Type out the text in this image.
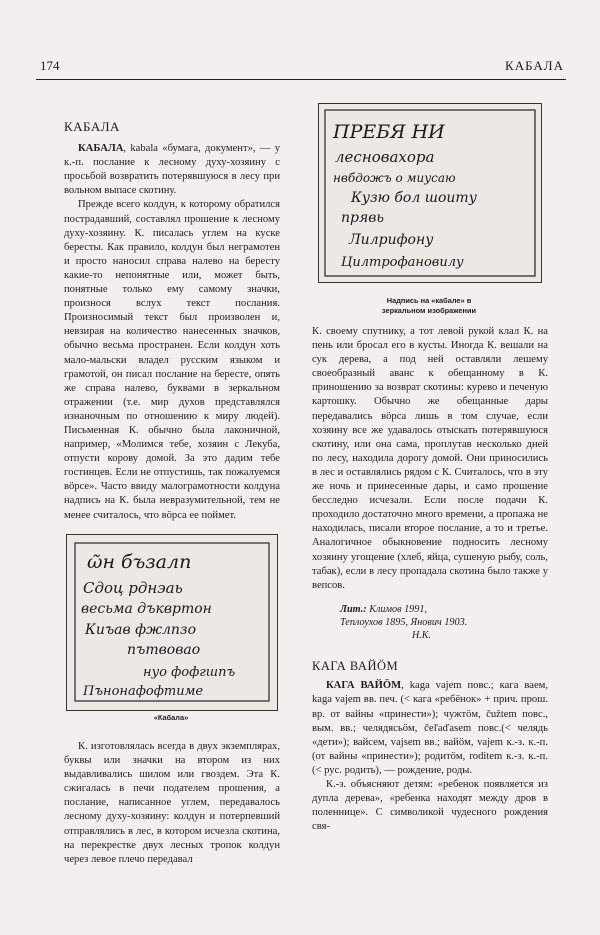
174	КАБАЛА
КАБАЛА

КАБАЛА, kabala «бумага, документ», — у к.-п. послание к лесному духу-хозяину с просьбой возвратить потерявшуюся в лесу при вольном выпасе скотину.

Прежде всего колдун, к которому обратился пострадавший, составлял прошение к лесному духу-хозяину. К. писалась углем на куске бересты. Как правило, колдун был неграмотен и просто наносил справа налево на бересту какие-то непонятные или, может быть, понятные только ему самому значки, произнося вслух текст послания. Произносимый текст был произволен и, невзирая на количество нанесенных значков, обычно весьма пространен. Если колдун хоть мало-мальски владел русским языком и грамотой, он писал послание на бересте, опять же справа налево, буквами в зеркальном отражении (т.е. мир духов представлялся изнаночным по отношению к миру людей). Письменная К. обычно была лаконичной, например, «Молимся тебе, хозяин с Лекуба, отпусти корову домой. За это дадим тебе гостинцев. Если не отпустишь, так пожалуемся вöрсе». Часто ввиду малограмотности колдуна надпись на К. была невразумительной, тем не менее считалось, что вöрса ее поймет.

ῶн бъзалп
Сдоц рднэаь
весьма дъквртон
Киъав фжлпзо
пътвовао
нуо фофгшпъ
Пънонафофтиме
«Кабала»

К. изготовлялась всегда в двух экземплярах, буквы или значки на втором из них выдавливались шилом или гвоздем. Эта К. сжигалась в печи подателем прошения, а послание, написанное углем, передавалось лесному духу-хозяину: колдун и потерпевший отправлялись в лес, в котором исчезла скотина, на перекрестке двух лесных тропок колдун через левое плечо передавал

ПРЕБЯ НИ
лесновахора
нвбдожъ о миусаю
Кузю бол шоиту
прявь
Лилрифону
Цилтрофановилу
Надпись на «кабале» в
зеркальном изображении

К. своему спутнику, а тот левой рукой клал К. на пень или бросал его в кусты. Иногда К. вешали на сук дерева, а под ней оставляли лешему своеобразный аванс к обещанному в К. приношению за возврат скотины: курево и печеную картошку. Обычно же обещанные дары передавались вöрса лишь в том случае, если хозяину все же удавалось отыскать потерявшуюся скотину, или она сама, проплутав несколько дней по лесу, находила дорогу домой. Они приносились в лес и оставлялись рядом с К. Считалось, что в эту же ночь и принесенные дары, и само прошение бесследно исчезали. Если после подачи К. проходило достаточно много времени, а пропажа не находилась, писали второе послание, а то и третье. Аналогичное обыкновение подносить лесному хозяину угощение (хлеб, яйца, сушеную рыбу, соль, табак), если в лесу пропадала скотина было также у вепсов.

Лит.: Климов 1991,
Теплоухов 1895, Янович 1903.

Н.К.

КАГА ВАЙÖМ

КАГА ВАЙÖМ, kaga vajem пoвс.; кага ваем, kaga vajem вв. печ. (< кага «ребёнок» + прич. прош. вр. от вайны «принести»); чужтöм, čužtem повс., вым. вв.; челядясьöм, čeľaďasem повс.(< челядь «дети»); вайсем, vajsem вв.; вайöм, vajem к.-з. к.-п. (от вайны «принести»); родитöм, roditem к.-з. к.-п. (< рус. родить), — рождение, роды.

К.-з. объясняют детям: «ребенок появляется из дупла дерева», «ребенка находят между дров в поленнице». С символикой чудесного рождения свя-
